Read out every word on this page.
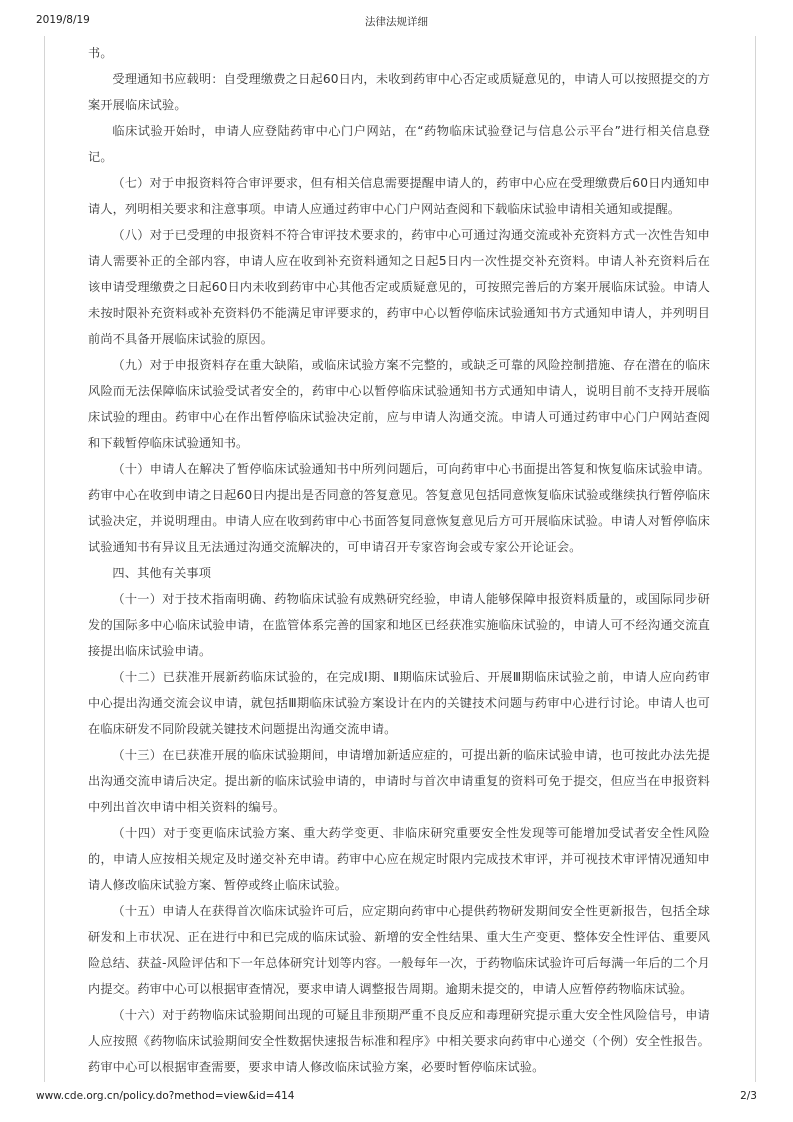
2019/8/19	法律法规详细

书。

受理通知书应载明：自受理缴费之日起60日内，未收到药审中心否定或质疑意见的，申请人可以按照提交的方案开展临床试验。

临床试验开始时，申请人应登陆药审中心门户网站，在“药物临床试验登记与信息公示平台”进行相关信息登记。

（七）对于申报资料符合审评要求，但有相关信息需要提醒申请人的，药审中心应在受理缴费后60日内通知申请人，列明相关要求和注意事项。申请人应通过药审中心门户网站查阅和下载临床试验申请相关通知或提醒。

（八）对于已受理的申报资料不符合审评技术要求的，药审中心可通过沟通交流或补充资料方式一次性告知申请人需要补正的全部内容，申请人应在收到补充资料通知之日起5日内一次性提交补充资料。申请人补充资料后在该申请受理缴费之日起60日内未收到药审中心其他否定或质疑意见的，可按照完善后的方案开展临床试验。申请人未按时限补充资料或补充资料仍不能满足审评要求的，药审中心以暂停临床试验通知书方式通知申请人，并列明目前尚不具备开展临床试验的原因。

（九）对于申报资料存在重大缺陷，或临床试验方案不完整的，或缺乏可靠的风险控制措施、存在潜在的临床风险而无法保障临床试验受试者安全的，药审中心以暂停临床试验通知书方式通知申请人，说明目前不支持开展临床试验的理由。药审中心在作出暂停临床试验决定前，应与申请人沟通交流。申请人可通过药审中心门户网站查阅和下载暂停临床试验通知书。

（十）申请人在解决了暂停临床试验通知书中所列问题后，可向药审中心书面提出答复和恢复临床试验申请。药审中心在收到申请之日起60日内提出是否同意的答复意见。答复意见包括同意恢复临床试验或继续执行暂停临床试验决定，并说明理由。申请人应在收到药审中心书面答复同意恢复意见后方可开展临床试验。申请人对暂停临床试验通知书有异议且无法通过沟通交流解决的，可申请召开专家咨询会或专家公开论证会。

四、其他有关事项

（十一）对于技术指南明确、药物临床试验有成熟研究经验，申请人能够保障申报资料质量的，或国际同步研发的国际多中心临床试验申请，在监管体系完善的国家和地区已经获准实施临床试验的，申请人可不经沟通交流直接提出临床试验申请。

（十二）已获准开展新药临床试验的，在完成Ⅰ期、Ⅱ期临床试验后、开展Ⅲ期临床试验之前，申请人应向药审中心提出沟通交流会议申请，就包括Ⅲ期临床试验方案设计在内的关键技术问题与药审中心进行讨论。申请人也可在临床研发不同阶段就关键技术问题提出沟通交流申请。

（十三）在已获准开展的临床试验期间，申请增加新适应症的，可提出新的临床试验申请，也可按此办法先提出沟通交流申请后决定。提出新的临床试验申请的，申请时与首次申请重复的资料可免于提交，但应当在申报资料中列出首次申请中相关资料的编号。

（十四）对于变更临床试验方案、重大药学变更、非临床研究重要安全性发现等可能增加受试者安全性风险的，申请人应按相关规定及时递交补充申请。药审中心应在规定时限内完成技术审评，并可视技术审评情况通知申请人修改临床试验方案、暂停或终止临床试验。

（十五）申请人在获得首次临床试验许可后，应定期向药审中心提供药物研发期间安全性更新报告，包括全球研发和上市状况、正在进行中和已完成的临床试验、新增的安全性结果、重大生产变更、整体安全性评估、重要风险总结、获益-风险评估和下一年总体研究计划等内容。一般每年一次，于药物临床试验许可后每满一年后的二个月内提交。药审中心可以根据审查情况，要求申请人调整报告周期。逾期未提交的，申请人应暂停药物临床试验。

（十六）对于药物临床试验期间出现的可疑且非预期严重不良反应和毒理研究提示重大安全性风险信号，申请人应按照《药物临床试验期间安全性数据快速报告标准和程序》中相关要求向药审中心递交（个例）安全性报告。药审中心可以根据审查需要，要求申请人修改临床试验方案，必要时暂停临床试验。

www.cde.org.cn/policy.do?method=view&id=414	2/3
